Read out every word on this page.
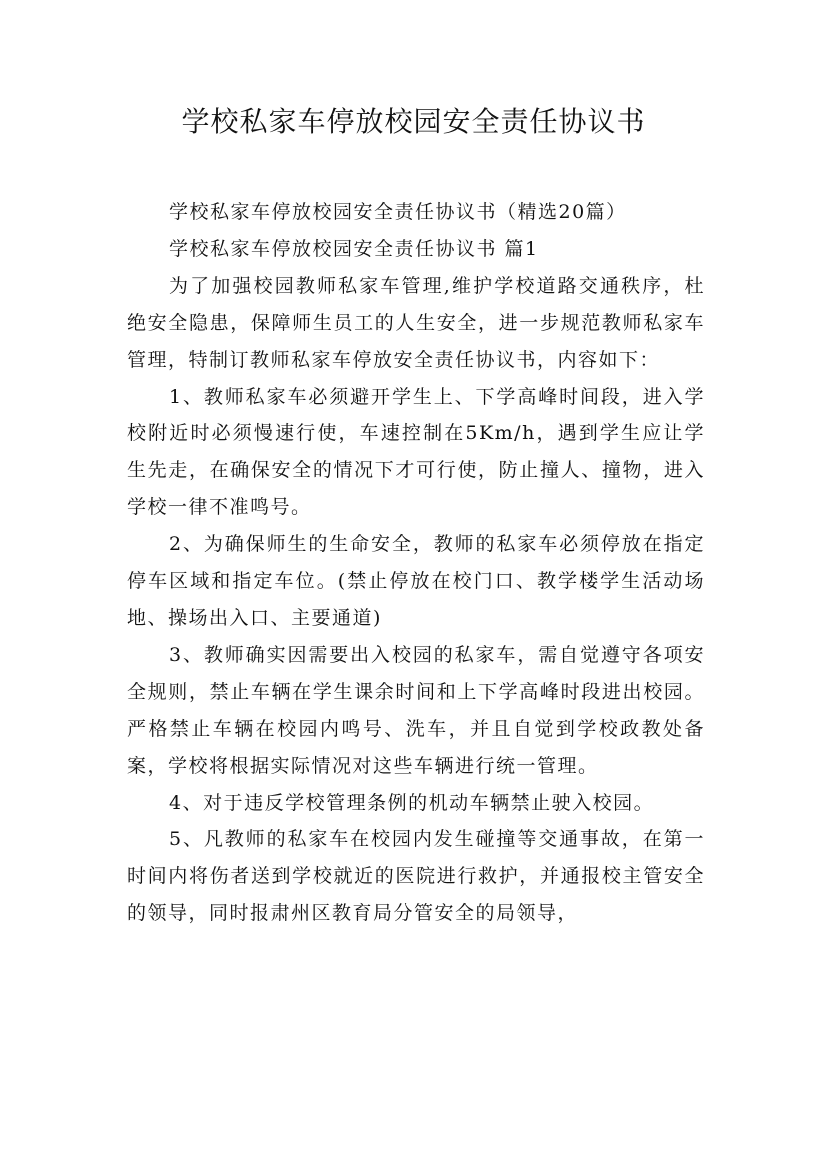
学校私家车停放校园安全责任协议书

学校私家车停放校园安全责任协议书（精选20篇）

学校私家车停放校园安全责任协议书 篇1

为了加强校园教师私家车管理,维护学校道路交通秩序，杜绝安全隐患，保障师生员工的人生安全，进一步规范教师私家车管理，特制订教师私家车停放安全责任协议书，内容如下：

1、教师私家车必须避开学生上、下学高峰时间段，进入学校附近时必须慢速行使，车速控制在5Km/h，遇到学生应让学生先走，在确保安全的情况下才可行使，防止撞人、撞物，进入学校一律不准鸣号。

2、为确保师生的生命安全，教师的私家车必须停放在指定停车区域和指定车位。(禁止停放在校门口、教学楼学生活动场地、操场出入口、主要通道)

3、教师确实因需要出入校园的私家车，需自觉遵守各项安全规则，禁止车辆在学生课余时间和上下学高峰时段进出校园。严格禁止车辆在校园内鸣号、洗车，并且自觉到学校政教处备案，学校将根据实际情况对这些车辆进行统一管理。

4、对于违反学校管理条例的机动车辆禁止驶入校园。

5、凡教师的私家车在校园内发生碰撞等交通事故，在第一时间内将伤者送到学校就近的医院进行救护，并通报校主管安全的领导，同时报肃州区教育局分管安全的局领导，
